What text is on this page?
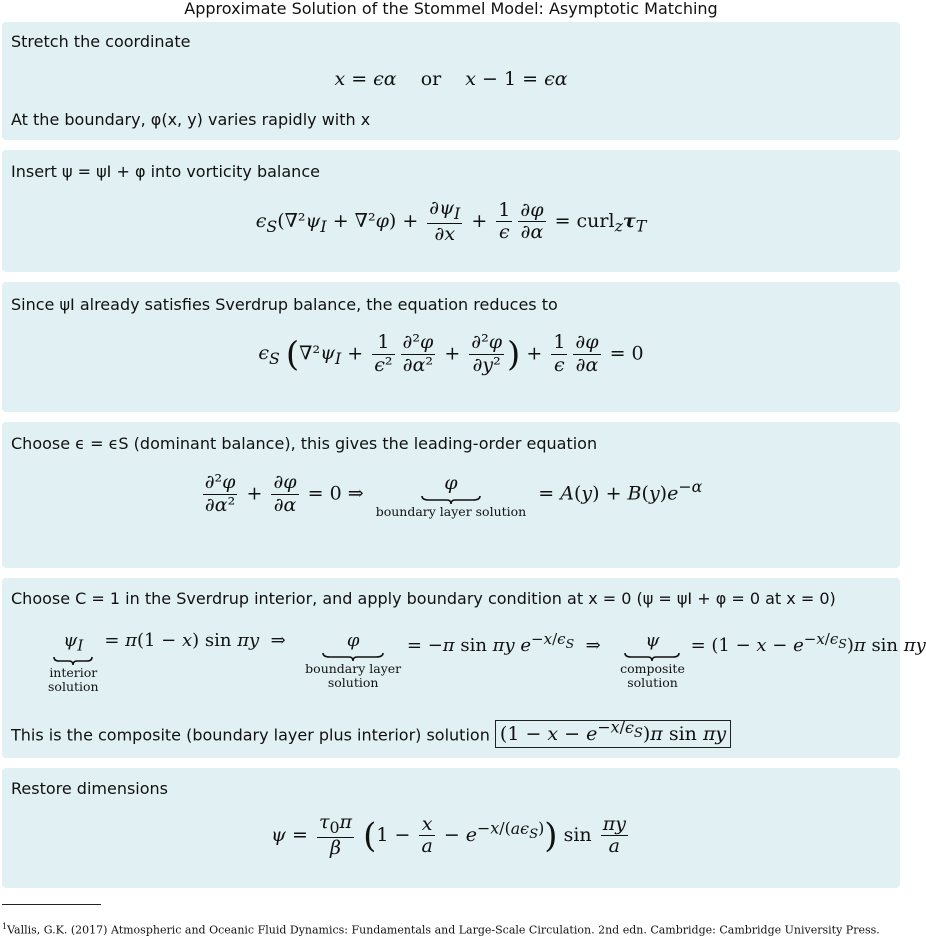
Approximate Solution of the Stommel Model: Asymptotic Matching
Stretch the coordinate
x = ϵα or x − 1 = ϵα
At the boundary, φ(x, y) varies rapidly with x
Insert ψ = ψI + φ into vorticity balance
$\epsilon_S(\nabla^2\psi_I + \nabla^2\varphi) + \frac{\partial\psi_I}{\partial x} + \frac{1}{\epsilon} \frac{\partial\varphi}{\partial\alpha}$ = $curl_z\tau_T$
Since ψI already satisfies Sverdrup balance, the equation reduces to
$\epsilon_S$ ($\nabla^2\psi_I + \frac{1}{\text{ϵ²}} \frac{\text{∂²φ}}{\text{∂α²}} + \frac{\text{∂²φ}}{\text{∂y²}}$ ) + $\frac{1}{\epsilon} \frac{\partial\varphi}{\partial\alpha} = 0$
Choose ϵ = ϵS (dominant balance), this gives the leading-order equation
$\frac{\text{∂²φ}}{\text{∂α²}} + \frac{\partial\varphi}{\partial\alpha} = 0$ ⇒	φ
boundary layer solution
= $A(y) + B(y)e^{-\alpha}$
Choose C = 1 in the Sverdrup interior, and apply boundary condition at x = 0 (ψ = ψI + φ = 0 at x = 0)
$\psi_I$
interior
solution
= π(1 − x) sin πy  ⇒	φ
boundary layer
solution
= −π sin πy $e^{-x/\epsilon_S}$  ⇒  ψ
composite
solution
= $(1 - x - e^{-x/\epsilon_S})\pi$ sin πy
This is the composite (boundary layer plus interior) solution $(1 - x - e^{-x/\epsilon_S})\pi$ sin πy
Restore dimensions
$\psi = \frac{\tau_0\pi}{\beta} (1 - \frac{x}{a} - e^{-x/(a\epsilon_S)})$ $\sin \frac{\pi y}{a}$
$^1$Vallis, G.K. (2017) Atmospheric and Oceanic Fluid Dynamics: Fundamentals and Large-Scale Circulation. 2nd edn. Cambridge: Cambridge University Press.
